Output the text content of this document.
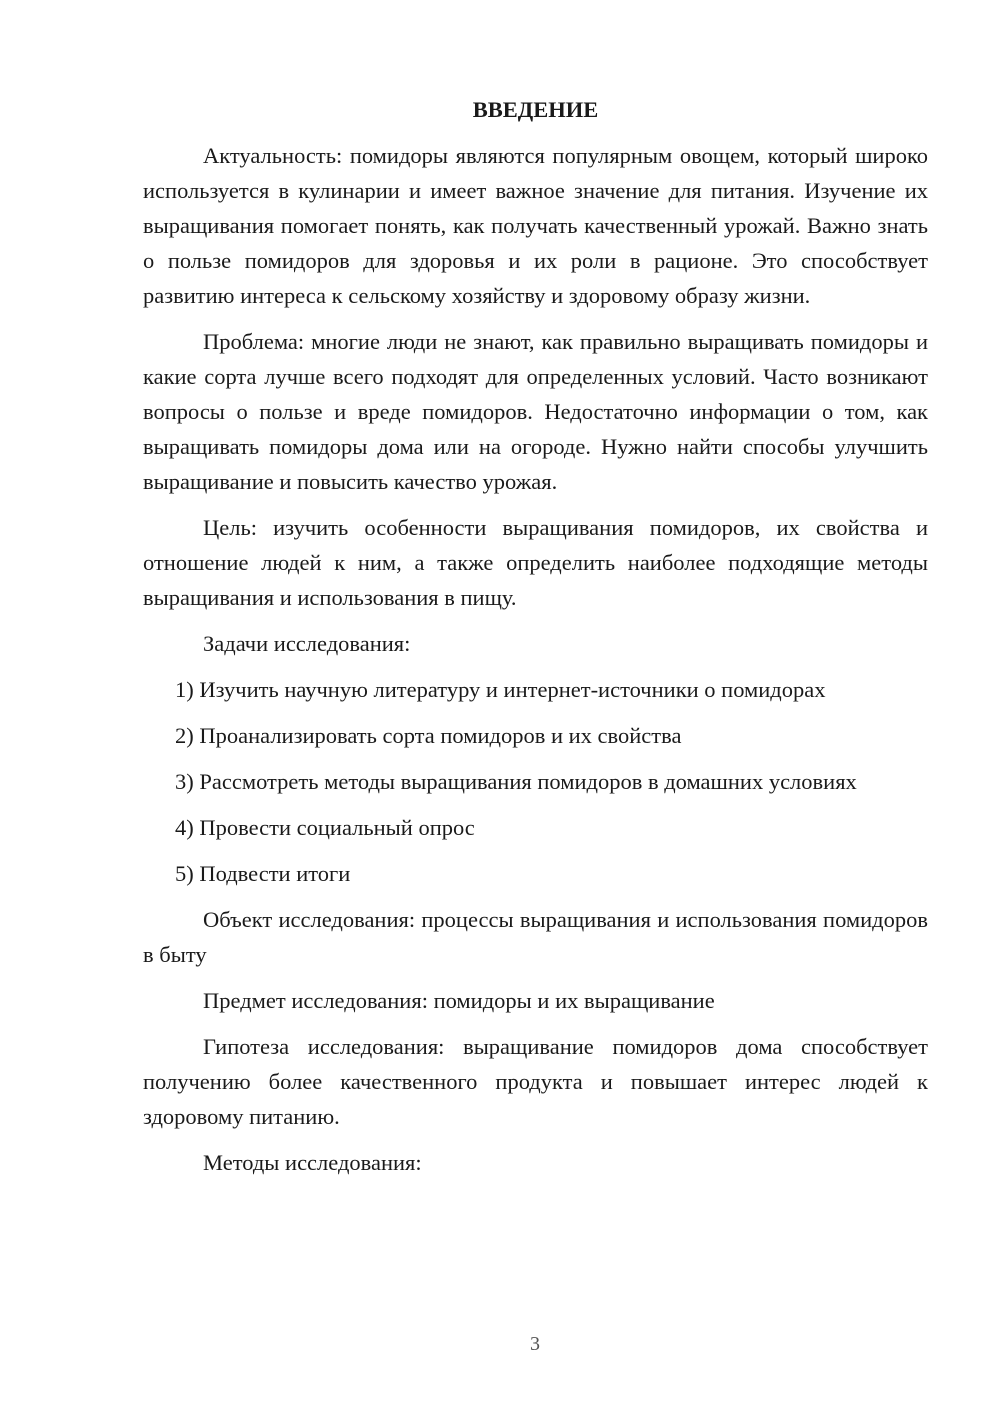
ВВЕДЕНИЕ

Актуальность: помидоры являются популярным овощем, который широко используется в кулинарии и имеет важное значение для питания. Изучение их выращивания помогает понять, как получать качественный урожай. Важно знать о пользе помидоров для здоровья и их роли в рационе. Это способствует развитию интереса к сельскому хозяйству и здоровому образу жизни.

Проблема: многие люди не знают, как правильно выращивать помидоры и какие сорта лучше всего подходят для определенных условий. Часто возникают вопросы о пользе и вреде помидоров. Недостаточно информации о том, как выращивать помидоры дома или на огороде. Нужно найти способы улучшить выращивание и повысить качество урожая.

Цель: изучить особенности выращивания помидоров, их свойства и отношение людей к ним, а также определить наиболее подходящие методы выращивания и использования в пищу.

Задачи исследования:

1) Изучить научную литературу и интернет-источники о помидорах

2) Проанализировать сорта помидоров и их свойства

3) Рассмотреть методы выращивания помидоров в домашних условиях

4) Провести социальный опрос

5) Подвести итоги

Объект исследования: процессы выращивания и использования помидоров в быту

Предмет исследования: помидоры и их выращивание

Гипотеза исследования: выращивание помидоров дома способствует получению более качественного продукта и повышает интерес людей к здоровому питанию.

Методы исследования:

3
